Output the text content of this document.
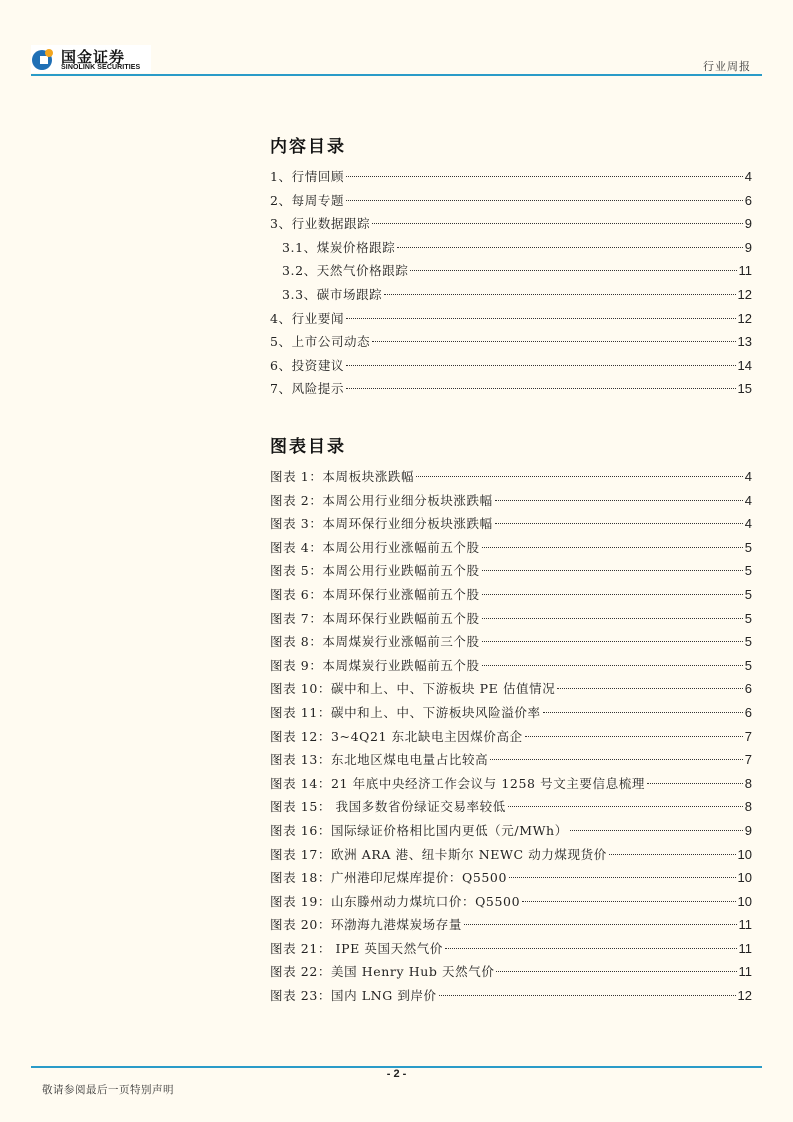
国金证券
SINOLINK SECURITIES	行业周报
内容目录
1、行情回顾	4
2、每周专题	6
3、行业数据跟踪	9
3.1、煤炭价格跟踪	9
3.2、天然气价格跟踪	11
3.3、碳市场跟踪	12
4、行业要闻	12
5、上市公司动态	13
6、投资建议	14
7、风险提示	15
图表目录
图表 1：本周板块涨跌幅	4
图表 2：本周公用行业细分板块涨跌幅	4
图表 3：本周环保行业细分板块涨跌幅	4
图表 4：本周公用行业涨幅前五个股	5
图表 5：本周公用行业跌幅前五个股	5
图表 6：本周环保行业涨幅前五个股	5
图表 7：本周环保行业跌幅前五个股	5
图表 8：本周煤炭行业涨幅前三个股	5
图表 9：本周煤炭行业跌幅前五个股	5
图表 10：碳中和上、中、下游板块 PE 估值情况	6
图表 11：碳中和上、中、下游板块风险溢价率	6
图表 12：3~4Q21 东北缺电主因煤价高企	7
图表 13：东北地区煤电电量占比较高	7
图表 14：21 年底中央经济工作会议与 1258 号文主要信息梳理	8
图表 15： 我国多数省份绿证交易率较低	8
图表 16：国际绿证价格相比国内更低（元/MWh）	9
图表 17：欧洲 ARA 港、纽卡斯尔 NEWC 动力煤现货价	10
图表 18：广州港印尼煤库提价：Q5500	10
图表 19：山东滕州动力煤坑口价：Q5500	10
图表 20：环渤海九港煤炭场存量	11
图表 21： IPE 英国天然气价	11
图表 22：美国 Henry Hub 天然气价	11
图表 23：国内 LNG 到岸价	12
- 2 -
敬请参阅最后一页特别声明
